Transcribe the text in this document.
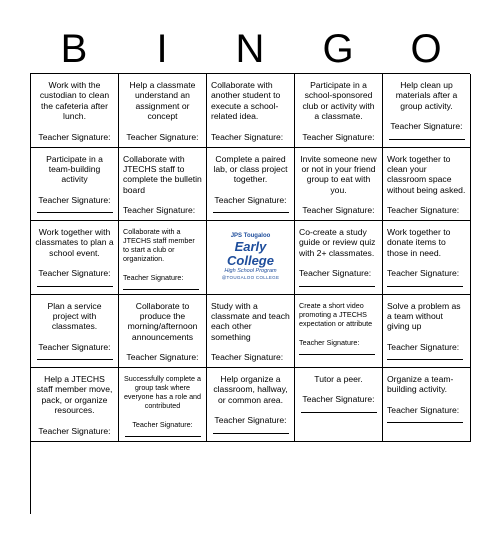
B	I	N	G	O
Work with the custodian to clean the cafeteria after lunch.
Teacher Signature:
Help a classmate understand an assignment or concept
Teacher Signature:
Collaborate with another student to execute a school-related idea.
Teacher Signature:
Participate in a school-sponsored club or activity with a classmate.
Teacher Signature:
Help clean up materials after a group activity.
Teacher Signature:
Participate in a team-building activity
Teacher Signature:
Collaborate with JTECHS staff to complete the bulletin board
Teacher Signature:
Complete a paired lab, or class project together.
Teacher Signature:
Invite someone new or not in your friend group to eat with you.
Teacher Signature:
Work together to clean your classroom space without being asked.
Teacher Signature:
Work together with classmates to plan a school event.
Teacher Signature:
Collaborate with a JTECHS staff member to start a club or organization.
Teacher Signature:
JPS Tougaloo
Early College
High School Program
@TOUGALOO COLLEGE
Co-create a study guide or review quiz with 2+ classmates.
Teacher Signature:
Work together to donate items to those in need.
Teacher Signature:
Plan a service project with classmates.
Teacher Signature:
Collaborate to produce the morning/afternoon announcements
Teacher Signature:
Study with a classmate and teach each other something
Teacher Signature:
Create a short video promoting a JTECHS expectation or attribute
Teacher Signature:
Solve a problem as a team without giving up
Teacher Signature:
Help a JTECHS staff member move, pack, or organize resources.
Teacher Signature:
Successfully complete a group task where everyone has a role and contributed
Teacher Signature:
Help organize a classroom, hallway, or common area.
Teacher Signature:
Tutor a peer.
Teacher Signature:
Organize a team-building activity.
Teacher Signature:
